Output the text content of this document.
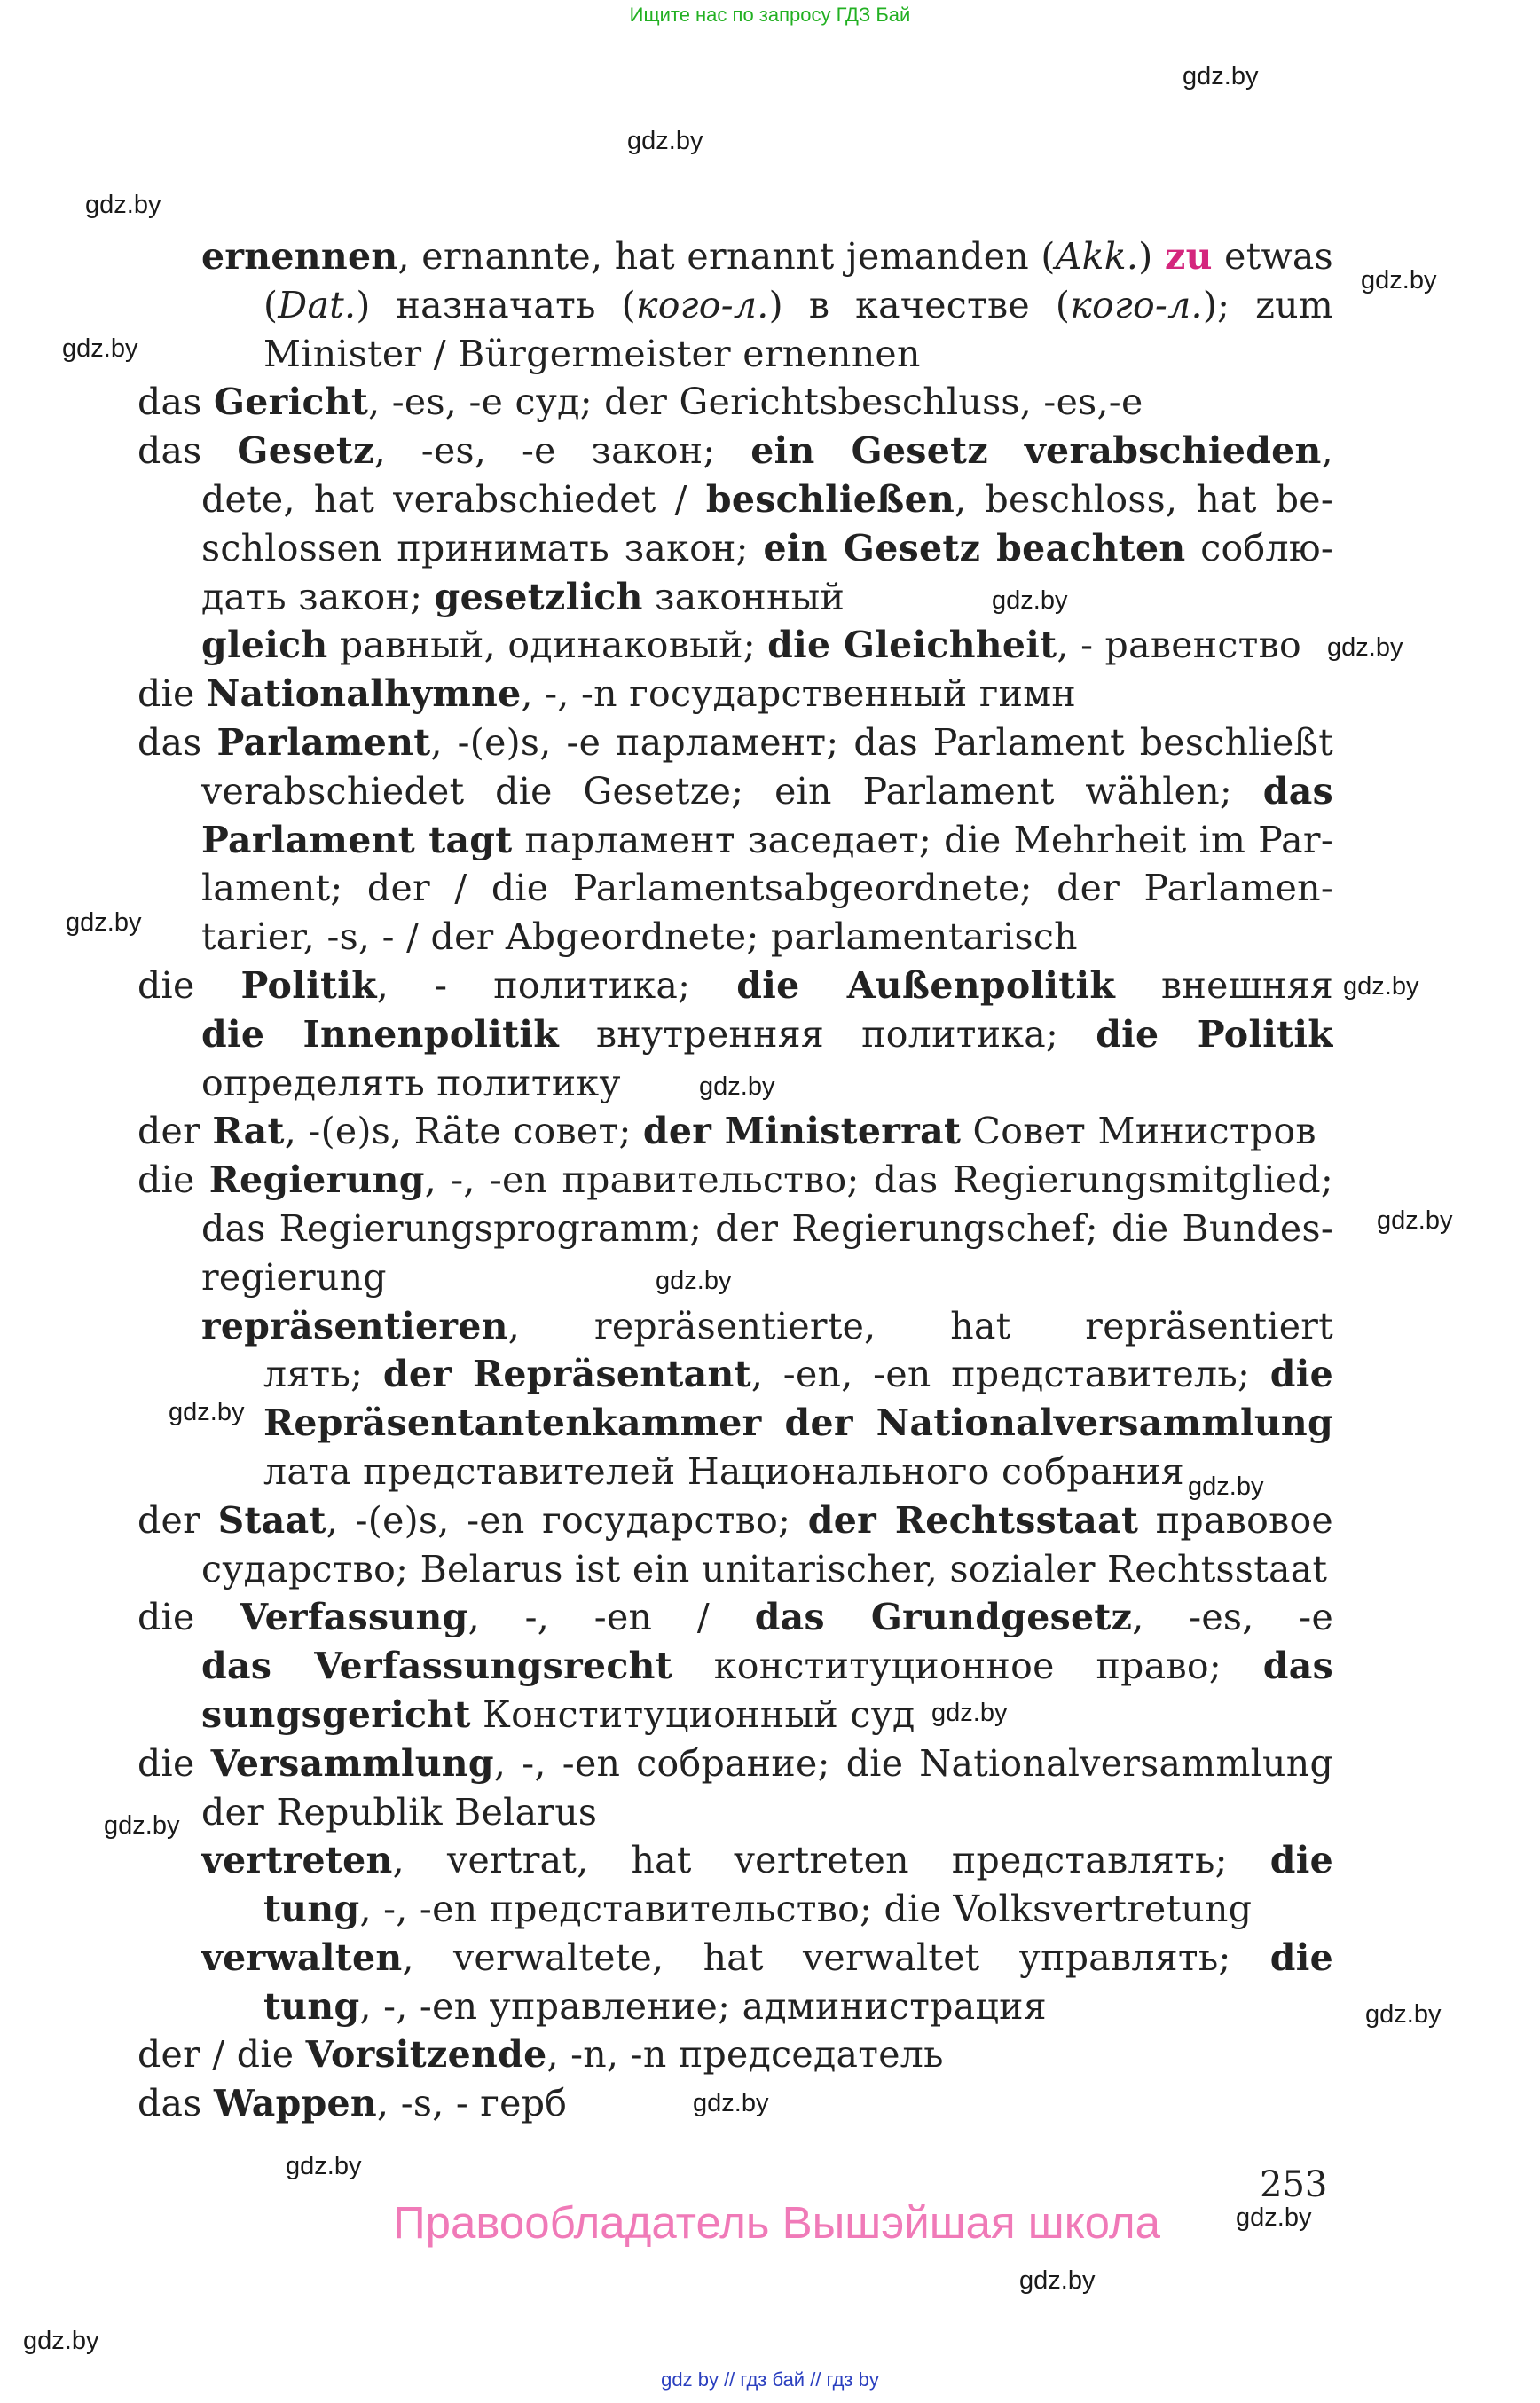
Ищите нас по запросу ГДЗ Бай
gdz.by
gdz.by
gdz.by
gdz.by
gdz.by
gdz.by
gdz.by
gdz.by
gdz.by
gdz.by
gdz.by
gdz.by
gdz.by
gdz.by
gdz.by
gdz.by
gdz.by
gdz.by
gdz.by
gdz.by
gdz.by
gdz.by
ernennen, ernannte, hat ernannt jemanden (Akk.) zu etwas
(Dat.) назначать (кого-л.) в качестве (кого-л.); zum
Minister / Bürgermeister ernennen
das Gericht, -es, -e суд; der Gerichtsbeschluss, -es,-e
das Gesetz, -es, -e закон; ein Gesetz verabschieden,
dete, hat verabschiedet / beschließen, beschloss, hat be-
schlossen принимать закон; ein Gesetz beachten соблю-
дать закон; gesetzlich законный
gleich равный, одинаковый; die Gleichheit, - равенство
die Nationalhymne, -, -n государственный гимн
das Parlament, -(e)s, -e парламент; das Parlament beschließt
verabschiedet die Gesetze; ein Parlament wählen; das
Parlament tagt парламент заседает; die Mehrheit im Par-
lament; der / die Parlamentsabgeordnete; der Parlamen-
tarier, -s, - / der Abgeordnete; parlamentarisch
die Politik, - политика; die Außenpolitik внешняя
die Innenpolitik внутренняя политика; die Politik
определять политику
der Rat, -(e)s, Räte совет; der Ministerrat Совет Министров
die Regierung, -, -en правительство; das Regierungsmitglied;
das Regierungsprogramm; der Regierungschef; die Bundes-
regierung
repräsentieren, repräsentierte, hat repräsentiert
лять; der Repräsentant, -en, -en представитель; die
Repräsentantenkammer der Nationalversammlung
лата представителей Национального собрания
der Staat, -(e)s, -en государство; der Rechtsstaat правовое
сударство; Belarus ist ein unitarischer, sozialer Rechtsstaat
die Verfassung, -, -en / das Grundgesetz, -es, -e
das Verfassungsrecht конституционное право; das
sungsgericht Конституционный суд
die Versammlung, -, -en собрание; die Nationalversammlung
der Republik Belarus
vertreten, vertrat, hat vertreten представлять; die
tung, -, -en представительство; die Volksvertretung
verwalten, verwaltete, hat verwaltet управлять; die
tung, -, -en управление; администрация
der / die Vorsitzende, -n, -n председатель
das Wappen, -s, - герб
253
Правообладатель Вышэйшая школа
gdz by // гдз бай // гдз by
